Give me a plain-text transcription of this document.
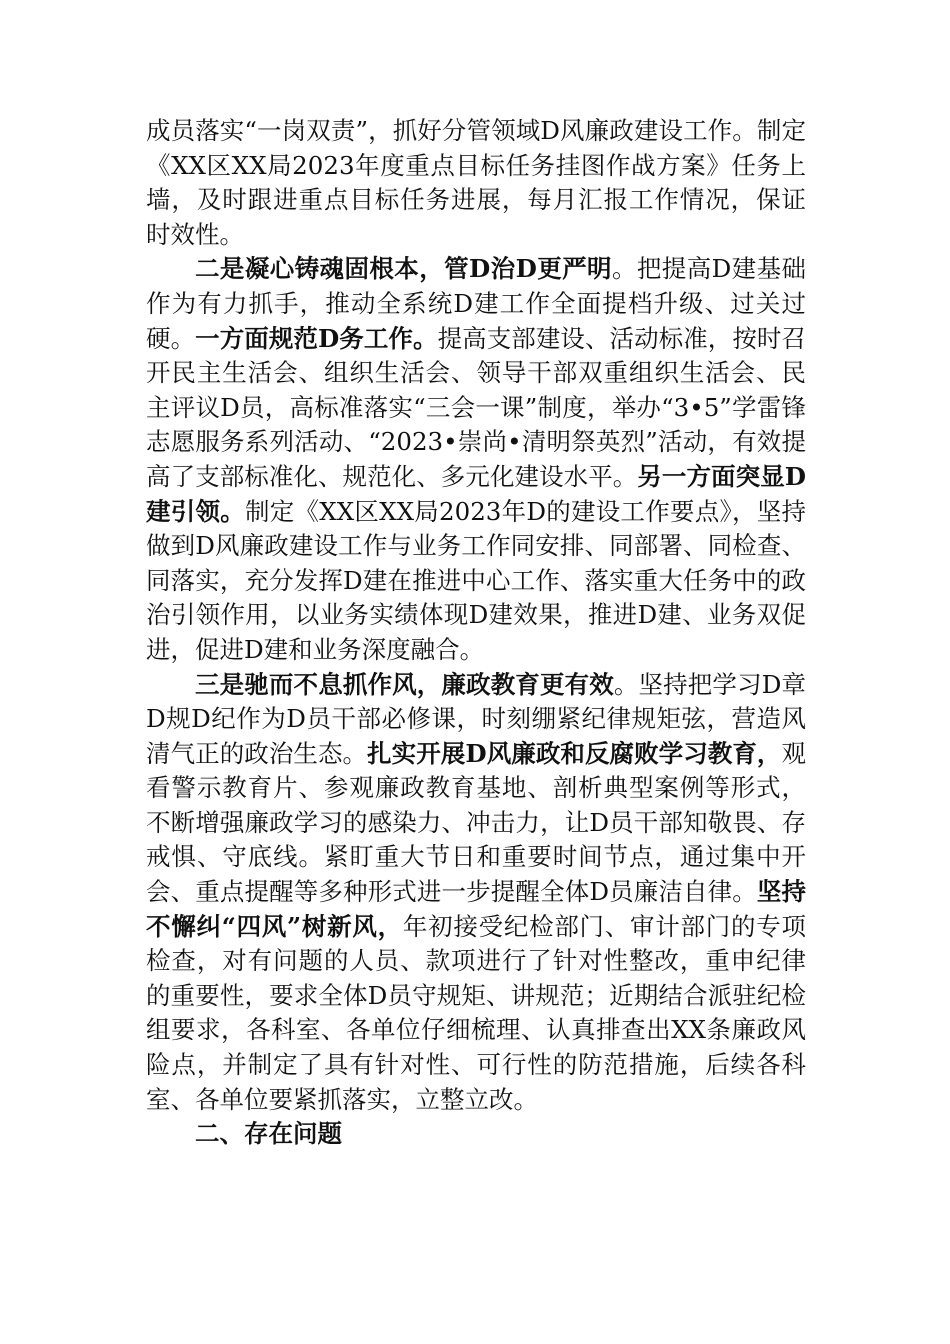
成员落实“一岗双责”，抓好分管领域D风廉政建设工作。制定《XX区XX局2023年度重点目标任务挂图作战方案》任务上墙，及时跟进重点目标任务进展，每月汇报工作情况，保证时效性。

二是凝心铸魂固根本，管D治D更严明。把提高D建基础作为有力抓手，推动全系统D建工作全面提档升级、过关过硬。一方面规范D务工作。提高支部建设、活动标准，按时召开民主生活会、组织生活会、领导干部双重组织生活会、民主评议D员，高标准落实“三会一课”制度，举办“3•5”学雷锋志愿服务系列活动、“2023•崇尚•清明祭英烈”活动，有效提高了支部标准化、规范化、多元化建设水平。另一方面突显D建引领。制定《XX区XX局2023年D的建设工作要点》，坚持做到D风廉政建设工作与业务工作同安排、同部署、同检查、同落实，充分发挥D建在推进中心工作、落实重大任务中的政治引领作用，以业务实绩体现D建效果，推进D建、业务双促进，促进D建和业务深度融合。

三是驰而不息抓作风，廉政教育更有效。坚持把学习D章D规D纪作为D员干部必修课，时刻绷紧纪律规矩弦，营造风清气正的政治生态。扎实开展D风廉政和反腐败学习教育，观看警示教育片、参观廉政教育基地、剖析典型案例等形式，不断增强廉政学习的感染力、冲击力，让D员干部知敬畏、存戒惧、守底线。紧盯重大节日和重要时间节点，通过集中开会、重点提醒等多种形式进一步提醒全体D员廉洁自律。坚持不懈纠“四风”树新风，年初接受纪检部门、审计部门的专项检查，对有问题的人员、款项进行了针对性整改，重申纪律的重要性，要求全体D员守规矩、讲规范；近期结合派驻纪检组要求，各科室、各单位仔细梳理、认真排查出XX条廉政风险点，并制定了具有针对性、可行性的防范措施，后续各科室、各单位要紧抓落实，立整立改。

二、存在问题
